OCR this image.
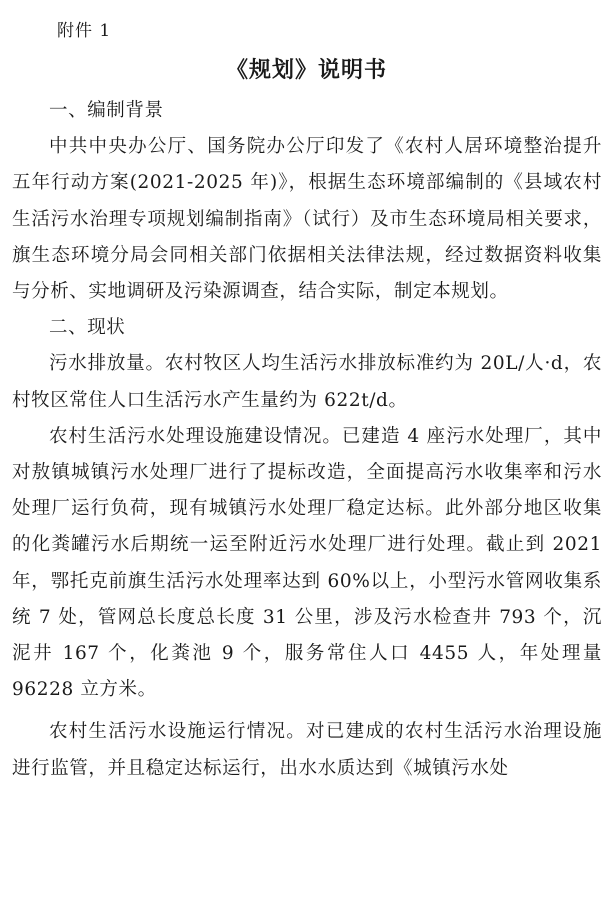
附件 1
《规划》说明书
一、编制背景

中共中央办公厅、国务院办公厅印发了《农村人居环境整治提升五年行动方案(2021-2025 年)》，根据生态环境部编制的《县域农村生活污水治理专项规划编制指南》（试行）及市生态环境局相关要求，旗生态环境分局会同相关部门依据相关法律法规，经过数据资料收集与分析、实地调研及污染源调查，结合实际，制定本规划。

二、现状

污水排放量。农村牧区人均生活污水排放标准约为 20L/人·d，农村牧区常住人口生活污水产生量约为 622t/d。

农村生活污水处理设施建设情况。已建造 4 座污水处理厂，其中对敖镇城镇污水处理厂进行了提标改造，全面提高污水收集率和污水处理厂运行负荷，现有城镇污水处理厂稳定达标。此外部分地区收集的化粪罐污水后期统一运至附近污水处理厂进行处理。截止到 2021 年，鄂托克前旗生活污水处理率达到 60%以上，小型污水管网收集系统 7 处，管网总长度总长度 31 公里，涉及污水检查井 793 个，沉泥井 167 个，化粪池 9 个，服务常住人口 4455 人，年处理量 96228 立方米。

农村生活污水设施运行情况。对已建成的农村生活污水治理设施进行监管，并且稳定达标运行，出水水质达到《城镇污水处
